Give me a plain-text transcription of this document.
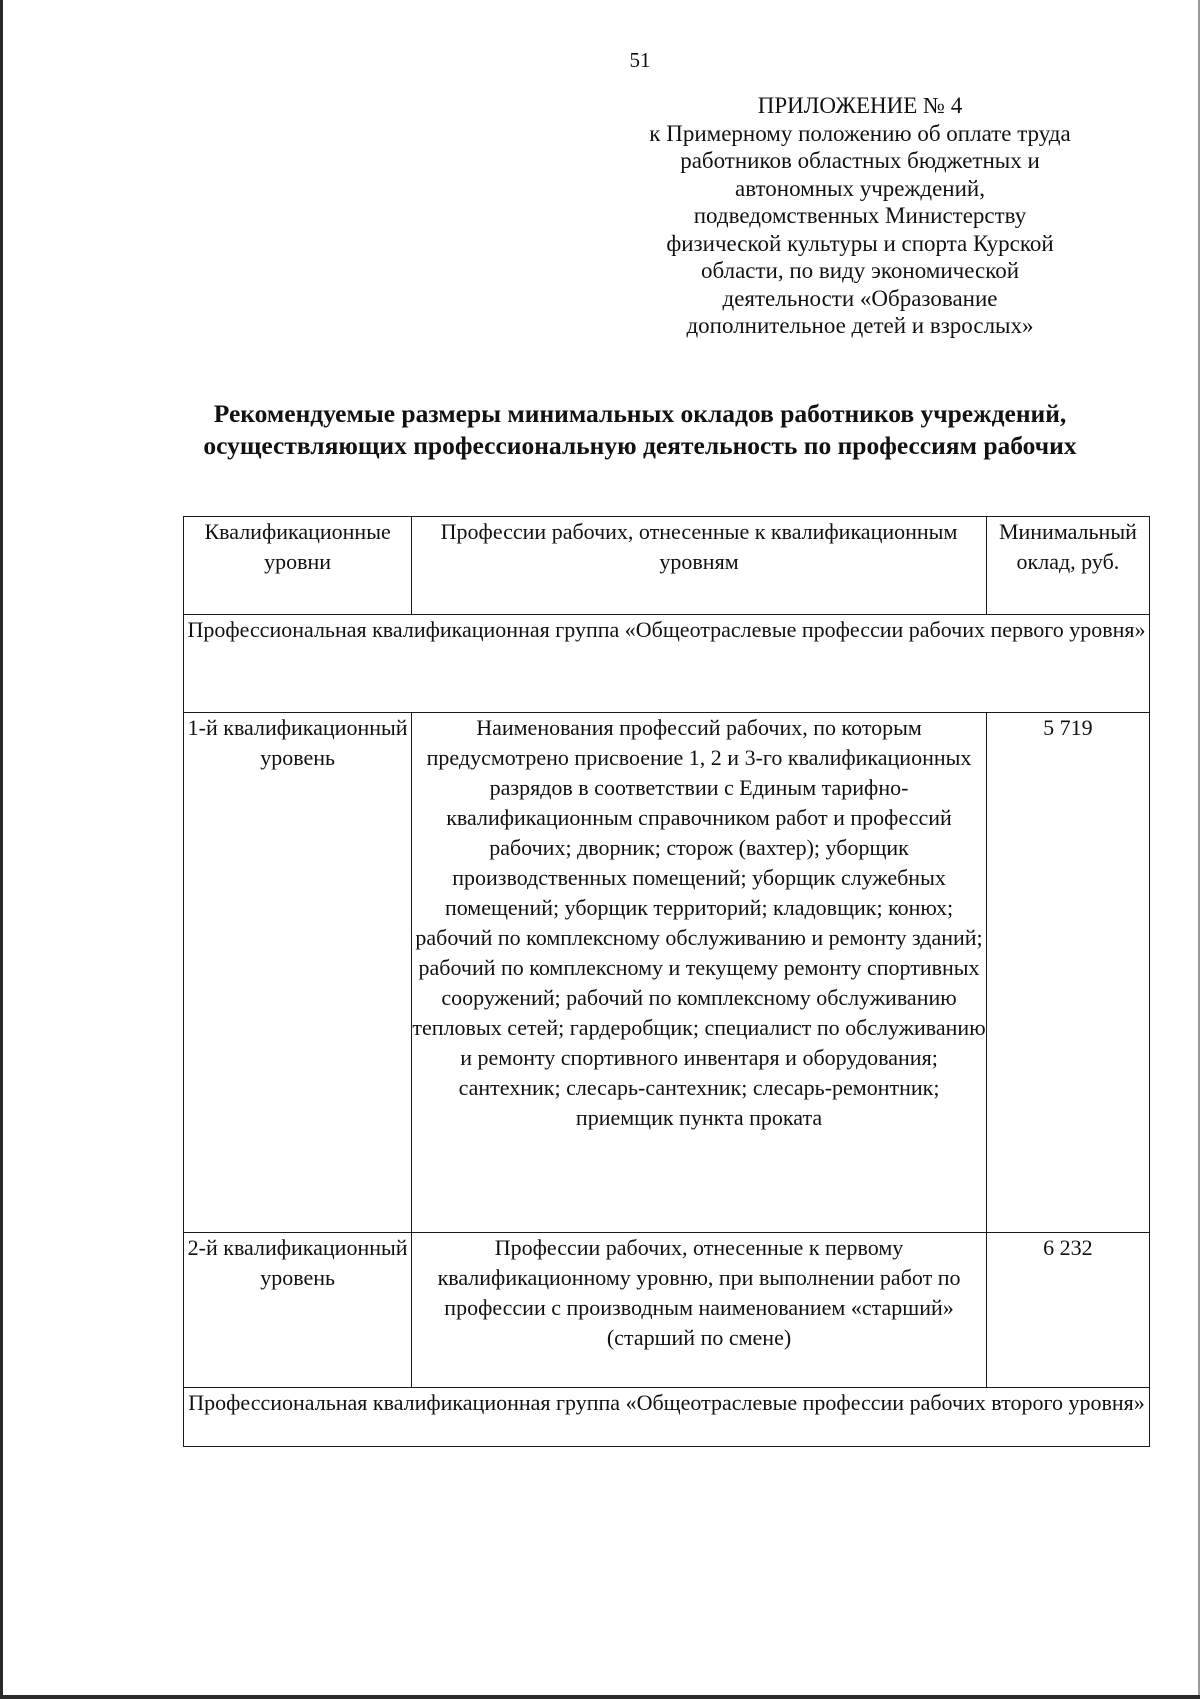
51
ПРИЛОЖЕНИЕ № 4
к Примерному положению об оплате труда работников областных бюджетных и автономных учреждений, подведомственных Министерству физической культуры и спорта Курской области, по виду экономической деятельности «Образование дополнительное детей и взрослых»
Рекомендуемые размеры минимальных окладов работников учреждений, осуществляющих профессиональную деятельность по профессиям рабочих
Квалификационные уровни	Профессии рабочих, отнесенные к квалификационным уровням	Минимальный оклад, руб.
Профессиональная квалификационная группа «Общеотраслевые профессии рабочих первого уровня»		
1-й квалификационный уровень	Наименования профессий рабочих, по которым предусмотрено присвоение 1, 2 и 3-го квалификационных разрядов в соответствии с Единым тарифно-квалификационным справочником работ и профессий рабочих; дворник; сторож (вахтер); уборщик производственных помещений; уборщик служебных помещений; уборщик территорий; кладовщик; конюх; рабочий по комплексному обслуживанию и ремонту зданий; рабочий по комплексному и текущему ремонту спортивных сооружений; рабочий по комплексному обслуживанию тепловых сетей; гардеробщик; специалист по обслуживанию и ремонту спортивного инвентаря и оборудования; сантехник; слесарь-сантехник; слесарь-ремонтник; приемщик пункта проката	5 719
2-й квалификационный уровень	Профессии рабочих, отнесенные к первому квалификационному уровню, при выполнении работ по профессии с производным наименованием «старший» (старший по смене)	6 232
Профессиональная квалификационная группа «Общеотраслевые профессии рабочих второго уровня»		
